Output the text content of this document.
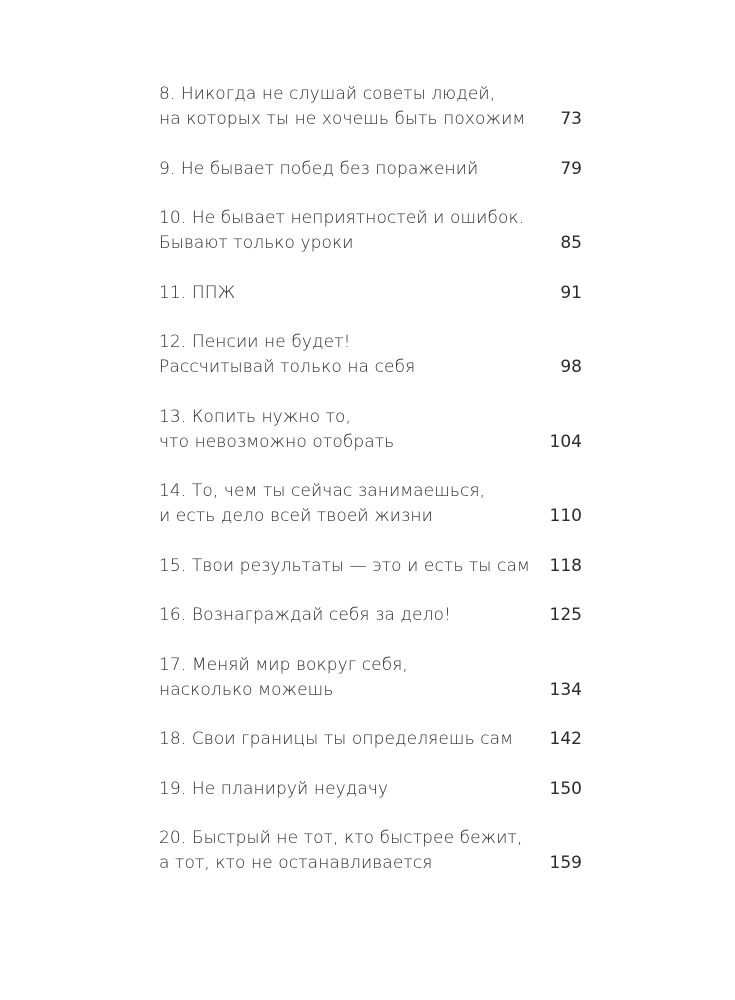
8. Никогда не слушай советы людей,
на которых ты не хочешь быть похожим	73
9. Не бывает побед без поражений	79
10. Не бывает неприятностей и ошибок.
Бывают только уроки	85
11. ППЖ	91
12. Пенсии не будет!
Рассчитывай только на себя	98
13. Копить нужно то,
что невозможно отобрать	104
14. То, чем ты сейчас занимаешься,
и есть дело всей твоей жизни	110
15. Твои результаты — это и есть ты сам	118
16. Вознаграждай себя за дело!	125
17. Меняй мир вокруг себя,
насколько можешь	134
18. Свои границы ты определяешь сам	142
19. Не планируй неудачу	150
20. Быстрый не тот, кто быстрее бежит,
а тот, кто не останавливается	159
